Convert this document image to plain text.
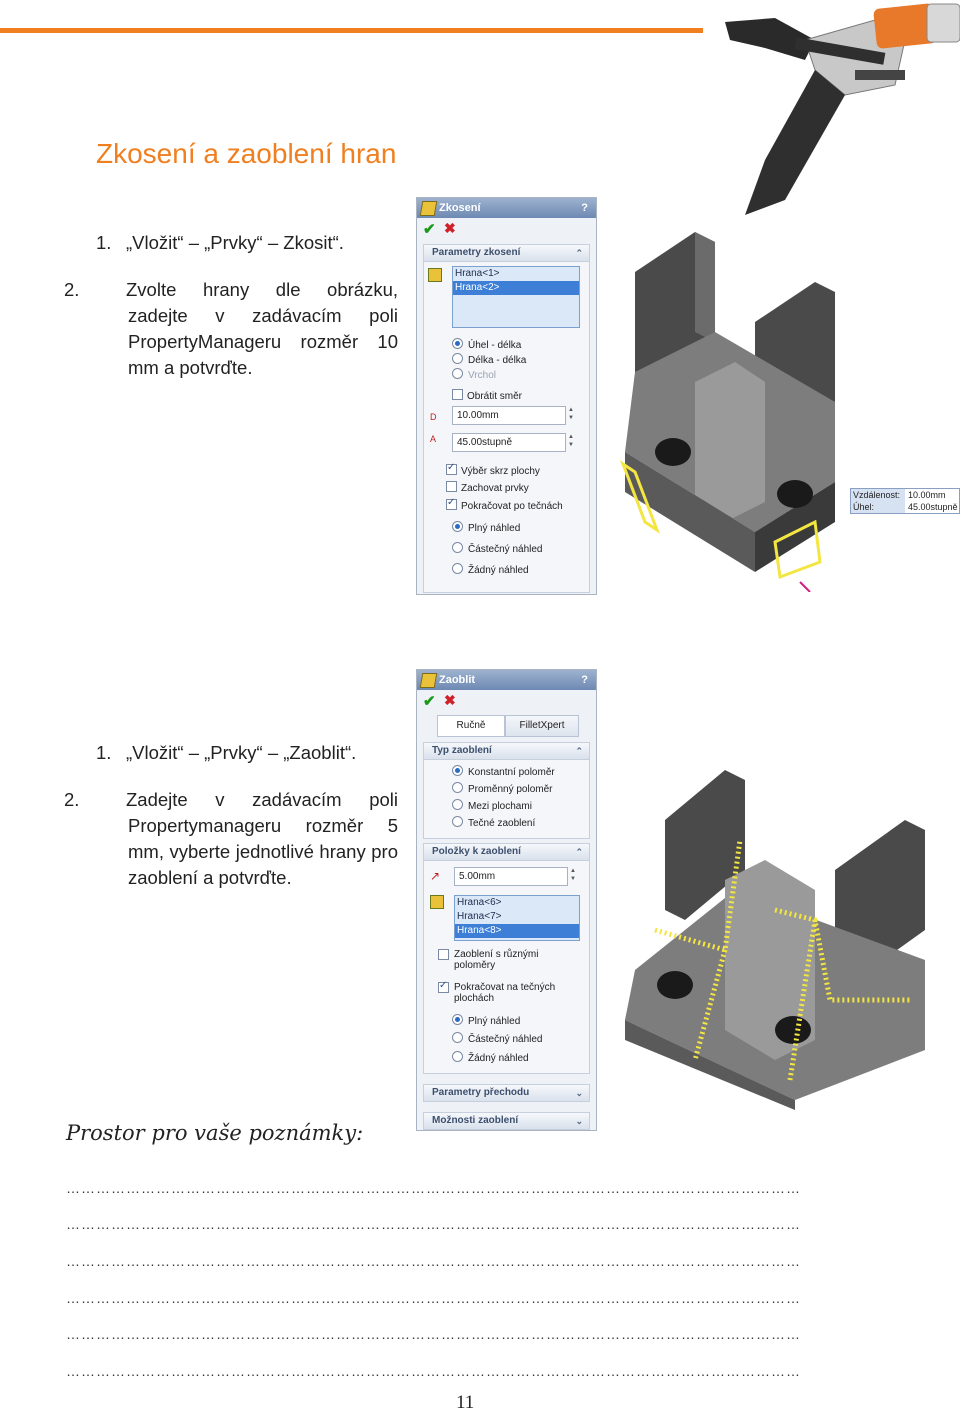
Zkosení a zaoblení hran
1. „Vložit“ – „Prvky“ – Zkosit“.
2.	Zvolte hrany dle obrázku, zadejte v zadávacím poli PropertyManageru rozměr 10 mm a potvrďte.
Zkosení	?
✔ ✖
Parametry zkosení	⌃
Hrana<1>
Hrana<2>
Úhel - délka
Délka - délka
Vrchol
Obrátit směr
D	10.00mm	▲
▼
A	45.00stupně	▲
▼
✓Výběr skrz plochy
Zachovat prvky
✓Pokračovat po tečnách
Plný náhled
Částečný náhled
Žádný náhled
Vzdálenost: 10.00mm
Úhel:	45.00stupně
1. „Vložit“ – „Prvky“ – „Zaoblit“.
2.	Zadejte v zadávacím poli Propertymanageru rozměr 5 mm, vyberte jednotlivé hrany pro zaoblení a potvrďte.
Zaoblit	?
✔ ✖
Ručně	FilletXpert
Typ zaoblení	⌃
Konstantní poloměr
Proměnný poloměr
Mezi plochami
Tečné zaoblení
Položky k zaoblení	⌃
↗	5.00mm	▲
▼
Hrana<6>
Hrana<7>
Hrana<8>
Zaoblení s různými poloměry
✓
Pokračovat na tečných plochách
Plný náhled
Částečný náhled
Žádný náhled
Parametry přechodu	⌄
Možnosti zaoblení	⌄
Prostor pro vaše poznámky:
…………………………………………………………………………………………………………………………………
…………………………………………………………………………………………………………………………………
…………………………………………………………………………………………………………………………………
…………………………………………………………………………………………………………………………………
…………………………………………………………………………………………………………………………………
…………………………………………………………………………………………………………………………………
11
